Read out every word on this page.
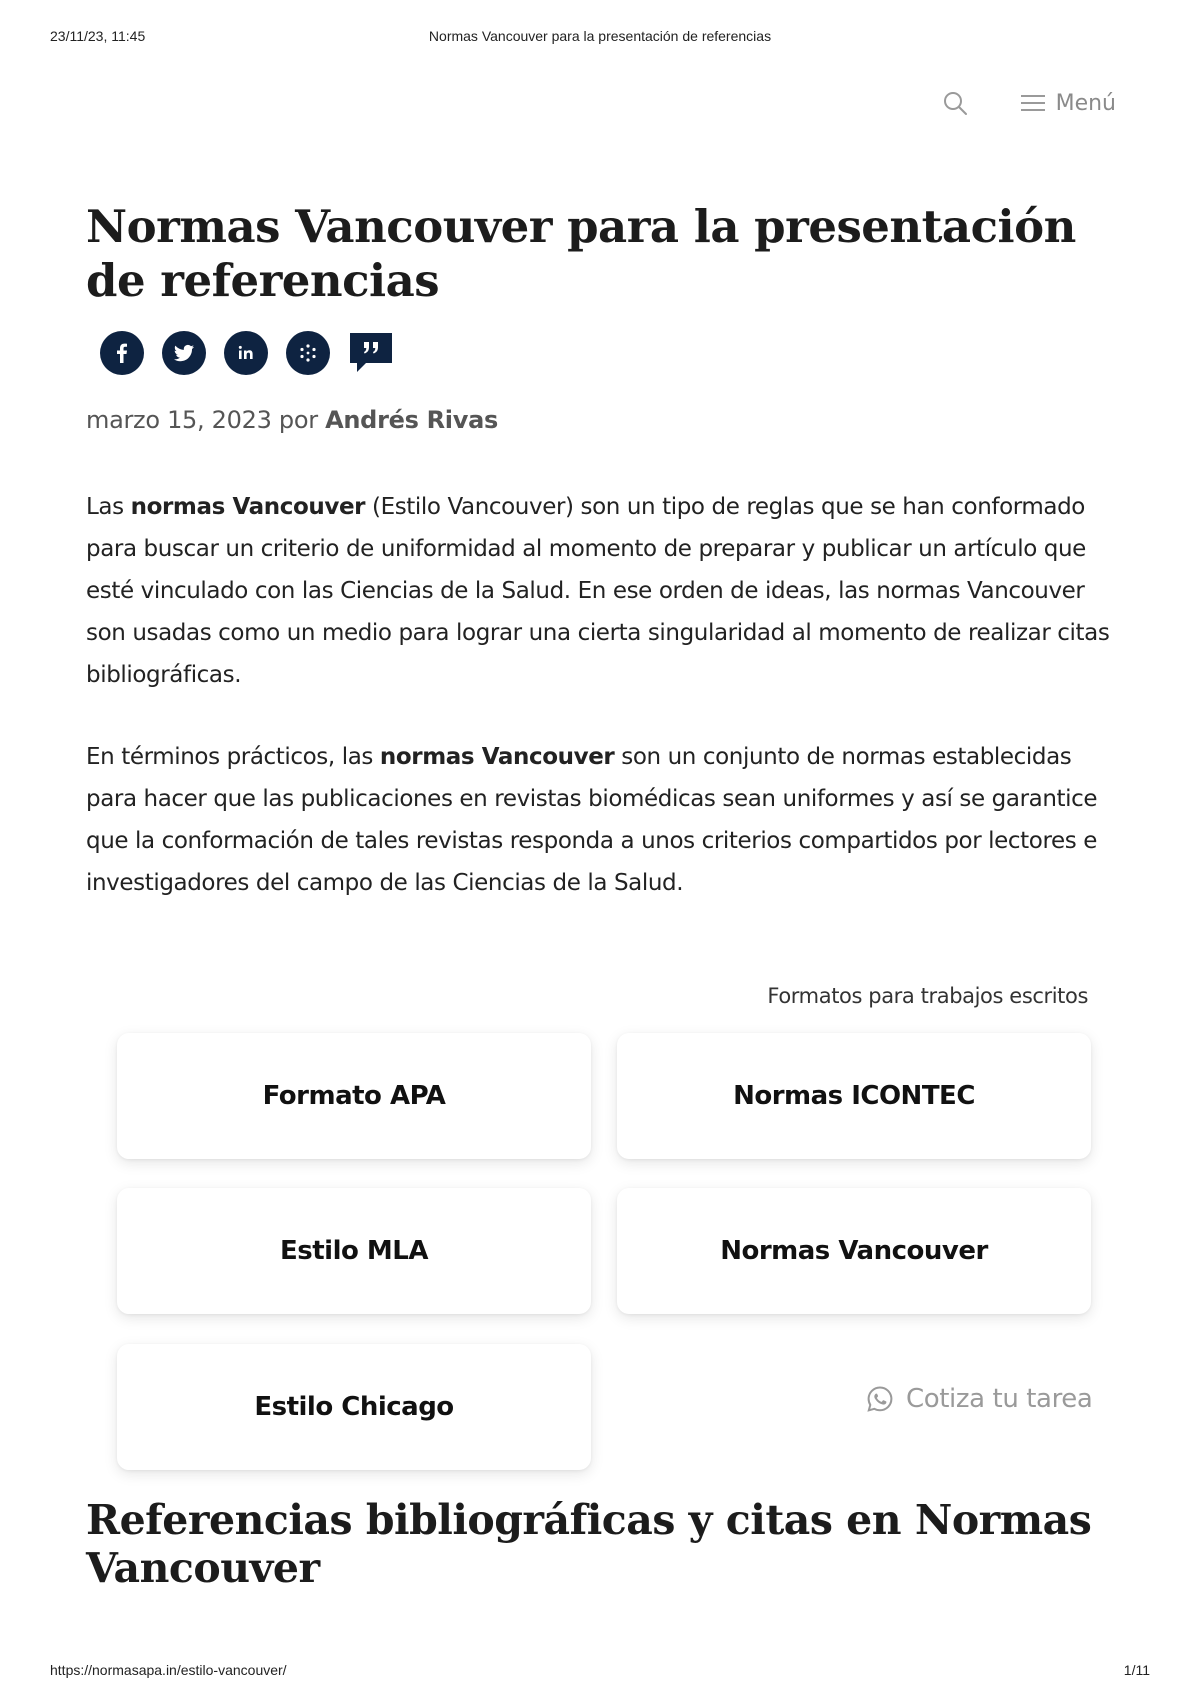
23/11/23, 11:45	Normas Vancouver para la presentación de referencias
Menú
Normas Vancouver para la presentación de referencias
marzo 15, 2023 por Andrés Rivas

Las normas Vancouver (Estilo Vancouver) son un tipo de reglas que se han conformado para buscar un criterio de uniformidad al momento de preparar y publicar un artículo que esté vinculado con las Ciencias de la Salud. En ese orden de ideas, las normas Vancouver son usadas como un medio para lograr una cierta singularidad al momento de realizar citas bibliográficas.

En términos prácticos, las normas Vancouver son un conjunto de normas establecidas para hacer que las publicaciones en revistas biomédicas sean uniformes y así se garantice que la conformación de tales revistas responda a unos criterios compartidos por lectores e investigadores del campo de las Ciencias de la Salud.

Formatos para trabajos escritos
Formato APA	Normas ICONTEC
Estilo MLA	Normas Vancouver
Estilo Chicago	Cotiza tu tarea
Referencias bibliográficas y citas en Normas Vancouver
https://normasapa.in/estilo-vancouver/	1/11
